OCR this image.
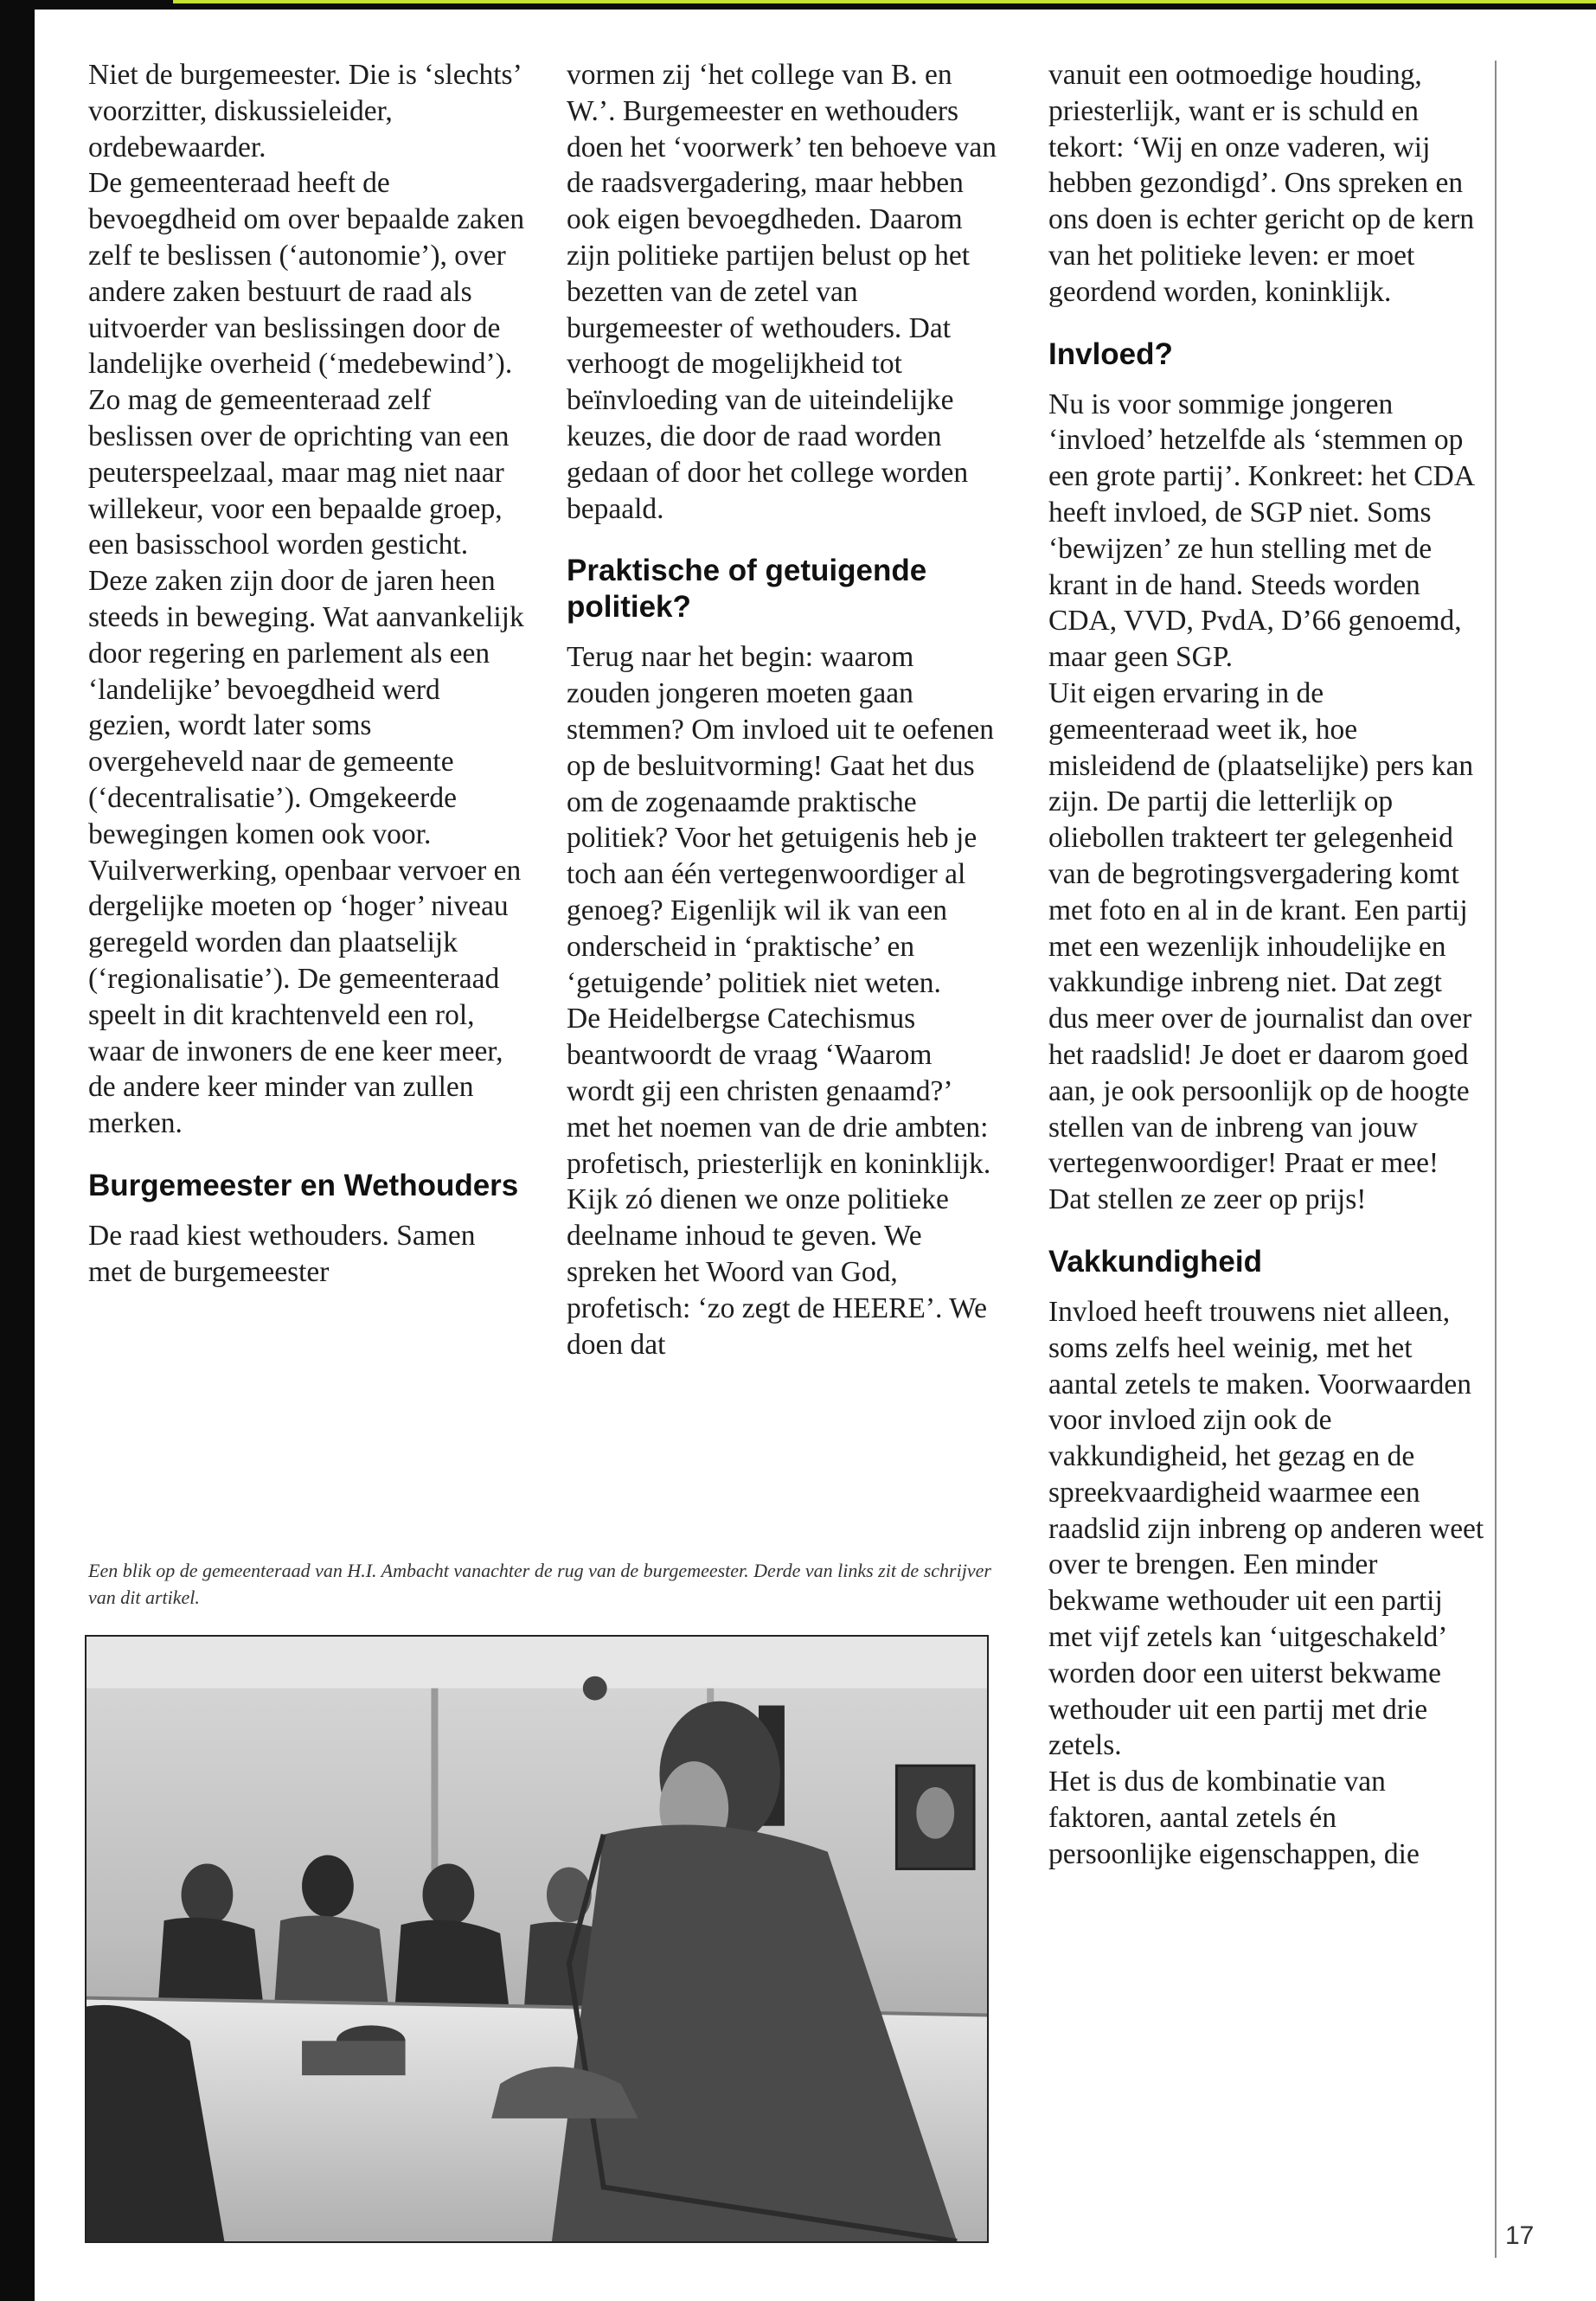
Niet de burgemeester. Die is ‘slechts’ voorzitter, diskussieleider, ordebewaarder.

De gemeenteraad heeft de bevoegdheid om over bepaalde zaken zelf te beslissen (‘autonomie’), over andere zaken bestuurt de raad als uitvoerder van beslissingen door de landelijke overheid (‘medebewind’). Zo mag de gemeenteraad zelf beslissen over de oprichting van een peuterspeelzaal, maar mag niet naar willekeur, voor een bepaalde groep, een basisschool worden gesticht.

Deze zaken zijn door de jaren heen steeds in beweging. Wat aanvankelijk door regering en parlement als een ‘landelijke’ bevoegdheid werd gezien, wordt later soms overgeheveld naar de gemeente (‘decentralisatie’). Omgekeerde bewegingen komen ook voor. Vuilverwerking, openbaar vervoer en dergelijke moeten op ‘hoger’ niveau geregeld worden dan plaatselijk (‘regionalisatie’). De gemeenteraad speelt in dit krachtenveld een rol, waar de inwoners de ene keer meer, de andere keer minder van zullen merken.

Burgemeester en Wethouders

De raad kiest wethouders. Samen met de burgemeester

vormen zij ‘het college van B. en W.’. Burgemeester en wethouders doen het ‘voorwerk’ ten behoeve van de raadsvergadering, maar hebben ook eigen bevoegdheden. Daarom zijn politieke partijen belust op het bezetten van de zetel van burgemeester of wethouders. Dat verhoogt de mogelijkheid tot beïnvloeding van de uiteindelijke keuzes, die door de raad worden gedaan of door het college worden bepaald.

Praktische of getuigende politiek?

Terug naar het begin: waarom zouden jongeren moeten gaan stemmen? Om invloed uit te oefenen op de besluitvorming! Gaat het dus om de zogenaamde praktische politiek? Voor het getuigenis heb je toch aan één vertegenwoordiger al genoeg? Eigenlijk wil ik van een onderscheid in ‘praktische’ en ‘getuigende’ politiek niet weten.

De Heidelbergse Catechismus beantwoordt de vraag ‘Waarom wordt gij een christen genaamd?’ met het noemen van de drie ambten: profetisch, priesterlijk en koninklijk. Kijk zó dienen we onze politieke deelname inhoud te geven. We spreken het Woord van God, profetisch: ‘zo zegt de HEERE’. We doen dat

vanuit een ootmoedige houding, priesterlijk, want er is schuld en tekort: ‘Wij en onze vaderen, wij hebben gezondigd’. Ons spreken en ons doen is echter gericht op de kern van het politieke leven: er moet geordend worden, koninklijk.

Invloed?

Nu is voor sommige jongeren ‘invloed’ hetzelfde als ‘stemmen op een grote partij’. Konkreet: het CDA heeft invloed, de SGP niet. Soms ‘bewijzen’ ze hun stelling met de krant in de hand. Steeds worden CDA, VVD, PvdA, D’66 genoemd, maar geen SGP.

Uit eigen ervaring in de gemeenteraad weet ik, hoe misleidend de (plaatselijke) pers kan zijn. De partij die letterlijk op oliebollen trakteert ter gelegenheid van de begrotingsvergadering komt met foto en al in de krant. Een partij met een wezenlijk inhoudelijke en vakkundige inbreng niet. Dat zegt dus meer over de journalist dan over het raadslid! Je doet er daarom goed aan, je ook persoonlijk op de hoogte stellen van de inbreng van jouw vertegenwoordiger! Praat er mee! Dat stellen ze zeer op prijs!

Vakkundigheid

Invloed heeft trouwens niet alleen, soms zelfs heel weinig, met het aantal zetels te maken. Voorwaarden voor invloed zijn ook de vakkundigheid, het gezag en de spreekvaardigheid waarmee een raadslid zijn inbreng op anderen weet over te brengen. Een minder bekwame wethouder uit een partij met vijf zetels kan ‘uitgeschakeld’ worden door een uiterst bekwame wethouder uit een partij met drie zetels.

Het is dus de kombinatie van faktoren, aantal zetels én persoonlijke eigenschappen, die

17
Een blik op de gemeenteraad van H.I. Ambacht vanachter de rug van de burgemeester. Derde van links zit de schrijver van dit artikel.
